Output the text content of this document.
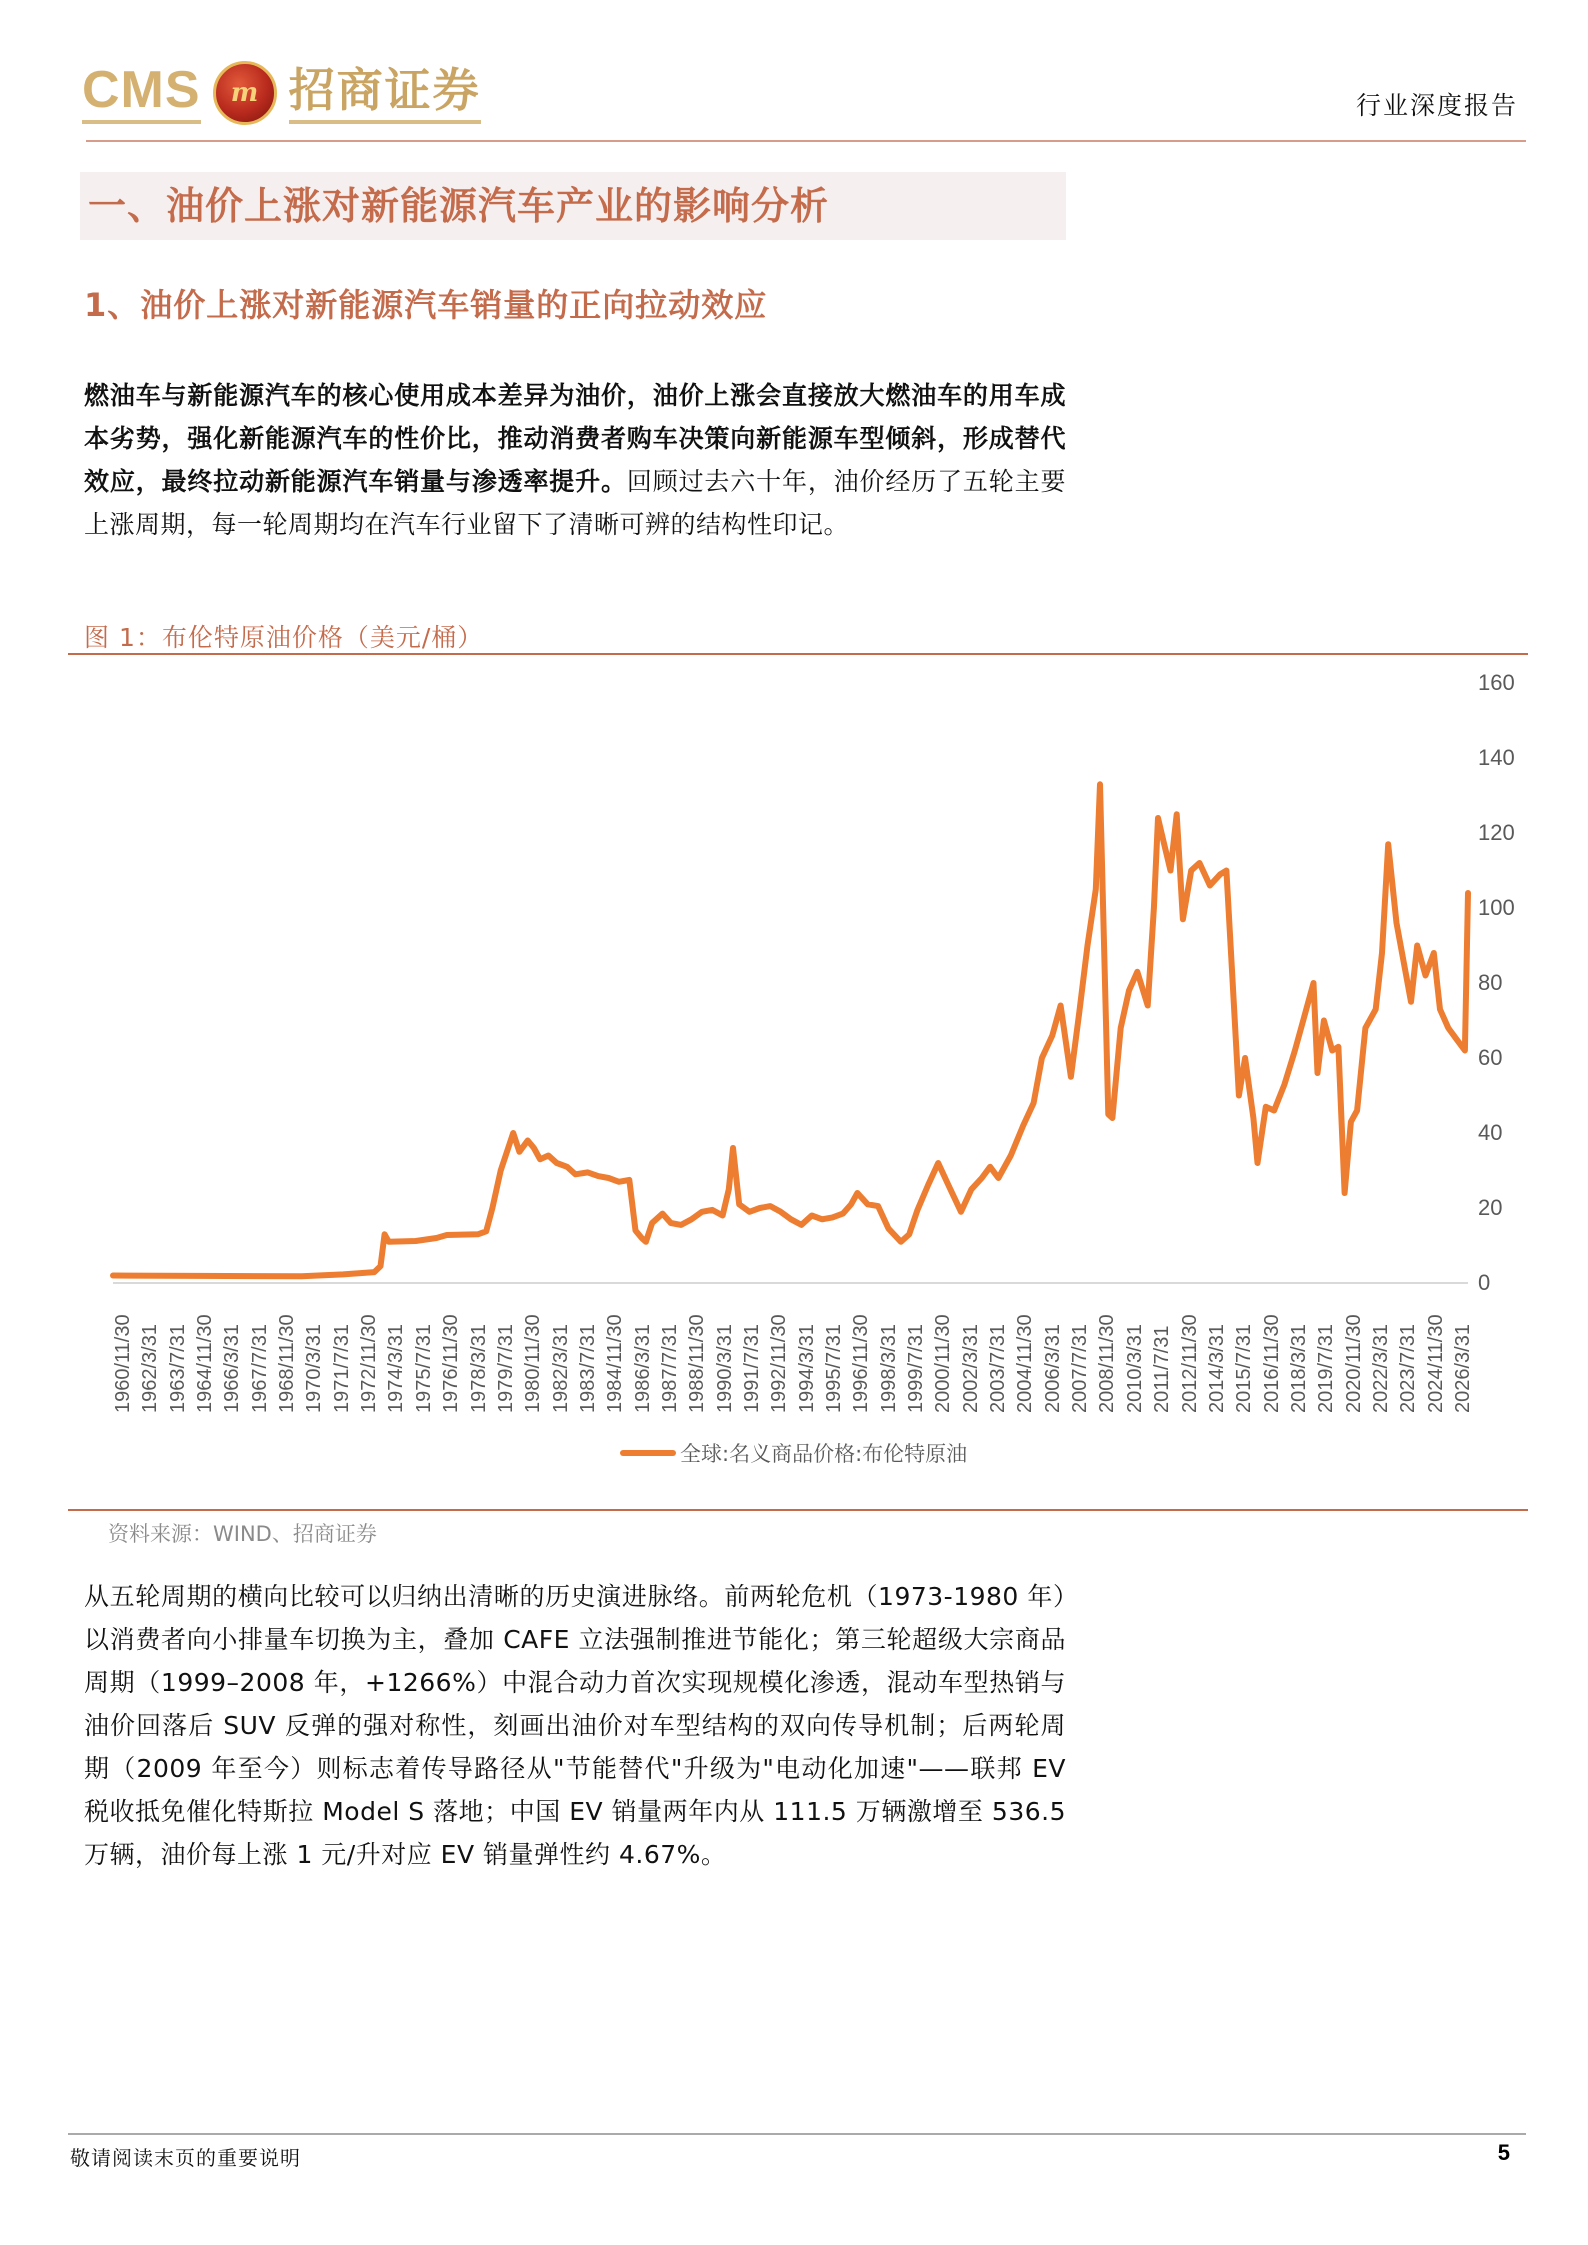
CMS	m 招商证券	行业深度报告
一、油价上涨对新能源汽车产业的影响分析
1、油价上涨对新能源汽车销量的正向拉动效应
燃油车与新能源汽车的核心使用成本差异为油价，油价上涨会直接放大燃油车的用车成本劣势，强化新能源汽车的性价比，推动消费者购车决策向新能源车型倾斜，形成替代效应，最终拉动新能源汽车销量与渗透率提升。回顾过去六十年，油价经历了五轮主要上涨周期，每一轮周期均在汽车行业留下了清晰可辨的结构性印记。
图 1：布伦特原油价格（美元/桶）
160
140
120
100
80
60
40
20
0
1960/11/30 1962/3/31 1963/7/31 1964/11/30 1966/3/31 1967/7/31 1968/11/30 1970/3/31 1971/7/31 1972/11/30 1974/3/31 1975/7/31 1976/11/30 1978/3/31 1979/7/31 1980/11/30 1982/3/31 1983/7/31 1984/11/30 1986/3/31 1987/7/31 1988/11/30 1990/3/31 1991/7/31 1992/11/30 1994/3/31 1995/7/31 1996/11/30 1998/3/31 1999/7/31 2000/11/30 2002/3/31 2003/7/31 2004/11/30 2006/3/31 2007/7/31 2008/11/30 2010/3/31 2011/7/31 2012/11/30 2014/3/31 2015/7/31 2016/11/30 2018/3/31 2019/7/31 2020/11/30 2022/3/31 2023/7/31 2024/11/30 2026/3/31
全球:名义商品价格:布伦特原油
资料来源：WIND、招商证券
从五轮周期的横向比较可以归纳出清晰的历史演进脉络。前两轮危机（1973-1980 年）以消费者向小排量车切换为主，叠加 CAFE 立法强制推进节能化；第三轮超级大宗商品周期（1999–2008 年，+1266%）中混合动力首次实现规模化渗透，混动车型热销与油价回落后 SUV 反弹的强对称性，刻画出油价对车型结构的双向传导机制；后两轮周期（2009 年至今）则标志着传导路径从"节能替代"升级为"电动化加速"——联邦 EV 税收抵免催化特斯拉 Model S 落地；中国 EV 销量两年内从 111.5 万辆激增至 536.5 万辆，油价每上涨 1 元/升对应 EV 销量弹性约 4.67%。
敬请阅读末页的重要说明	5
